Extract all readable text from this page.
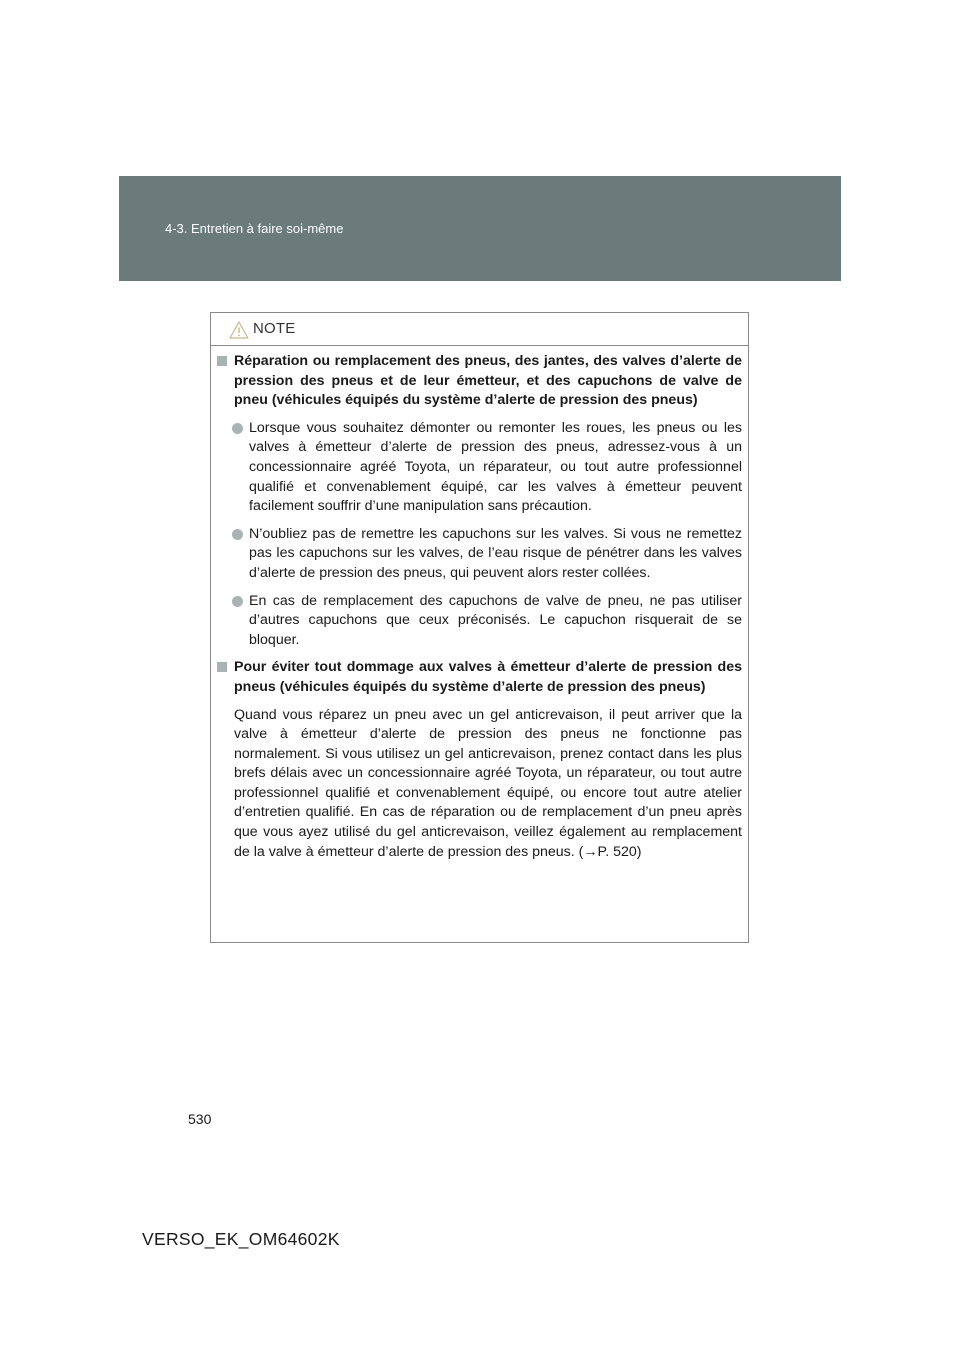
4-3. Entretien à faire soi-même
NOTE
Réparation ou remplacement des pneus, des jantes, des valves d’alerte de pression des pneus et de leur émetteur, et des capuchons de valve de pneu (véhicules équipés du système d’alerte de pression des pneus)
Lorsque vous souhaitez démonter ou remonter les roues, les pneus ou les valves à émetteur d’alerte de pression des pneus, adressez-vous à un concessionnaire agréé Toyota, un réparateur, ou tout autre professionnel qualifié et convenablement équipé, car les valves à émetteur peuvent facilement souffrir d’une manipulation sans précaution.
N’oubliez pas de remettre les capuchons sur les valves. Si vous ne remettez pas les capuchons sur les valves, de l’eau risque de pénétrer dans les valves d’alerte de pression des pneus, qui peuvent alors rester collées.
En cas de remplacement des capuchons de valve de pneu, ne pas utiliser d’autres capuchons que ceux préconisés. Le capuchon risquerait de se bloquer.
Pour éviter tout dommage aux valves à émetteur d’alerte de pression des pneus (véhicules équipés du système d’alerte de pression des pneus)
Quand vous réparez un pneu avec un gel anticrevaison, il peut arriver que la valve à émetteur d’alerte de pression des pneus ne fonctionne pas normalement. Si vous utilisez un gel anticrevaison, prenez contact dans les plus brefs délais avec un concessionnaire agréé Toyota, un réparateur, ou tout autre professionnel qualifié et convenablement équipé, ou encore tout autre atelier d’entretien qualifié. En cas de réparation ou de remplacement d’un pneu après que vous ayez utilisé du gel anticrevaison, veillez également au remplacement de la valve à émetteur d’alerte de pression des pneus. (→P. 520)
530
VERSO_EK_OM64602K
